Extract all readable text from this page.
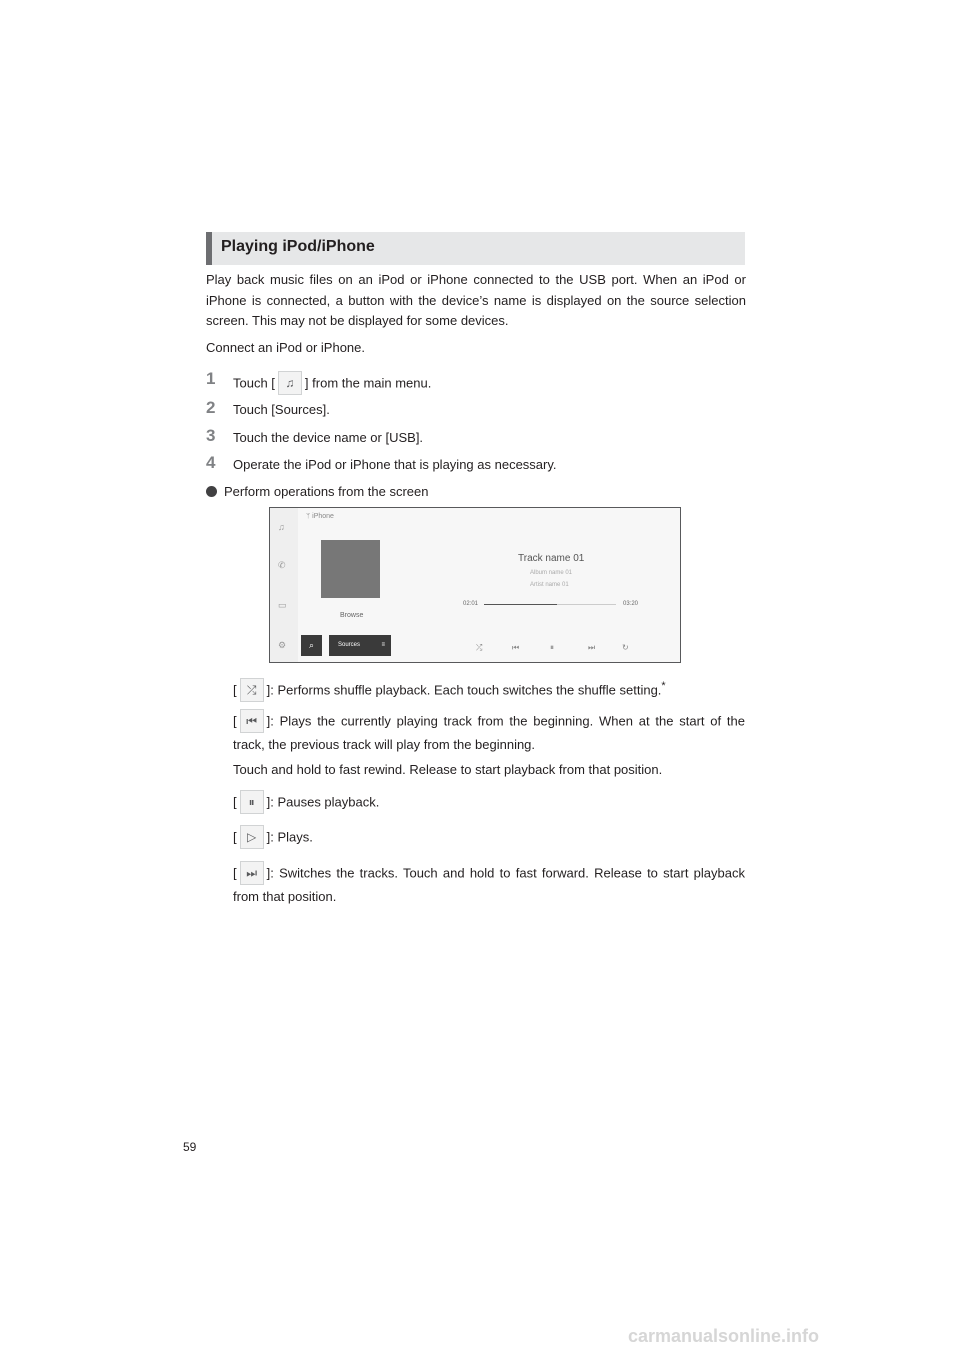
Playing iPod/iPhone

Play back music files on an iPod or iPhone connected to the USB port. When an iPod or iPhone is connected, a button with the device’s name is displayed on the source selection screen. This may not be displayed for some devices.

Connect an iPod or iPhone.

1 Touch [ ♫ ] from the main menu.
2 Touch [Sources].
3 Touch the device name or [USB].
4 Operate the iPod or iPhone that is playing as necessary.
Perform operations from the screen
♫
✆
▭
⚙
ᛘ iPhone
Browse
Track name 01
Album name 01
Artist name 01
02:01	03:20
⌕	Sources	≡	⤮	⏮	⏸	⏭	↻

[ ⤮ ]: Performs shuffle playback. Each touch switches the shuffle setting.*

[ ⏮ ]: Plays the currently playing track from the beginning. When at the start of the track, the previous track will play from the beginning.

Touch and hold to fast rewind. Release to start playback from that position.

[ ⏸ ]: Pauses playback.

[ ▷ ]: Plays.

[ ⏭ ]: Switches the tracks. Touch and hold to fast forward. Release to start playback from that position.

59
carmanualsonline.info
